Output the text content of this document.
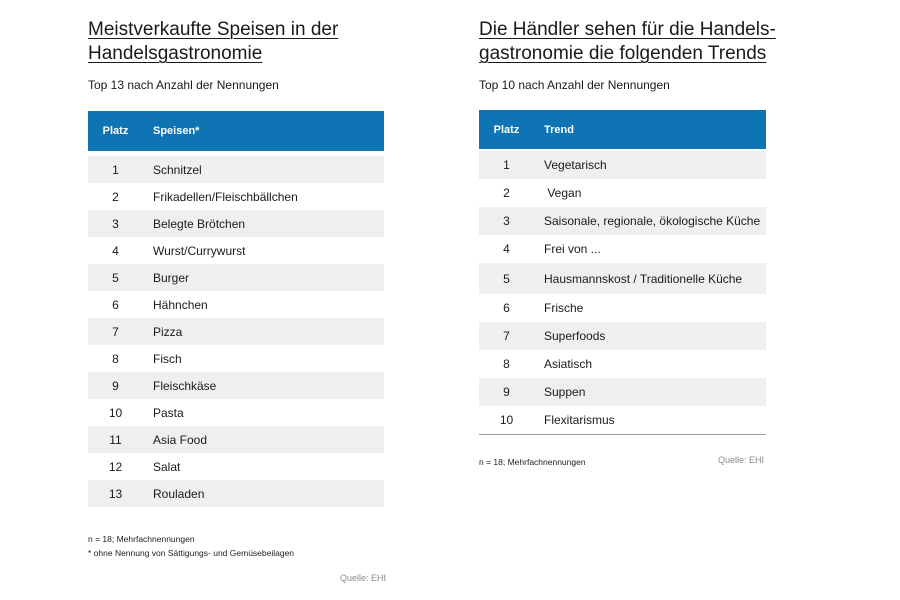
Meistverkaufte Speisen in der
Handelsgastronomie
Top 13 nach Anzahl der Nennungen
Platz	Speisen*
1	Schnitzel
2	Frikadellen/Fleischbällchen
3	Belegte Brötchen
4	Wurst/Currywurst
5	Burger
6	Hähnchen
7	Pizza
8	Fisch
9	Fleischkäse
10	Pasta
11	Asia Food
12	Salat
13	Rouladen
n = 18; Mehrfachnennungen
* ohne Nennung von Sättigungs- und Gemüsebeilagen
Quelle: EHI
Die Händler sehen für die Handels-
gastronomie die folgenden Trends
Top 10 nach Anzahl der Nennungen
Platz	Trend
1	Vegetarisch
2	Vegan
3	Saisonale, regionale, ökologische Küche
4	Frei von ...
5	Hausmannskost / Traditionelle Küche
6	Frische
7	Superfoods
8	Asiatisch
9	Suppen
10	Flexitarismus
n = 18; Mehrfachnennungen	Quelle: EHI
